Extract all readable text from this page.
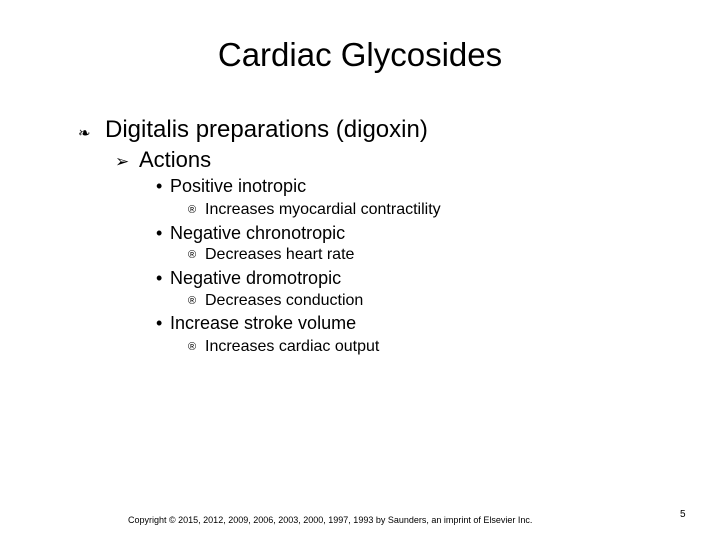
Cardiac Glycosides
❧ Digitalis preparations (digoxin)
➢ Actions
• Positive inotropic
® Increases myocardial contractility
• Negative chronotropic
® Decreases heart rate
• Negative dromotropic
® Decreases conduction
• Increase stroke volume
® Increases cardiac output
Copyright © 2015, 2012, 2009, 2006, 2003, 2000, 1997, 1993 by Saunders, an imprint of Elsevier Inc.	5
